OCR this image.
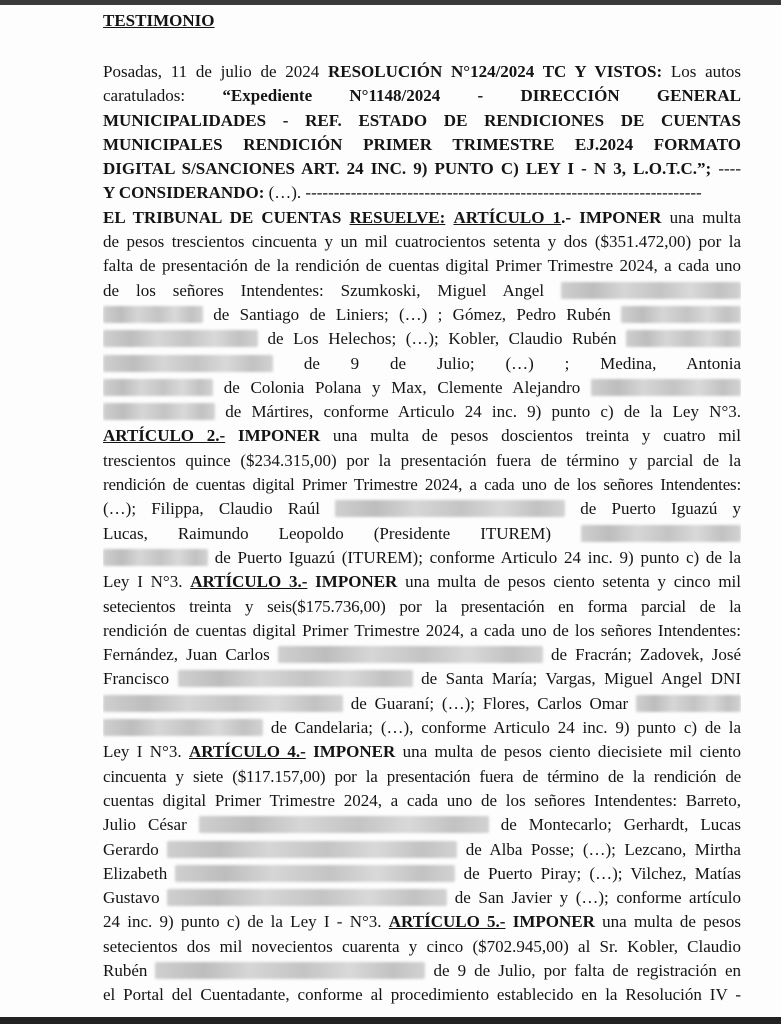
TESTIMONIO
Posadas, 11 de julio de 2024 RESOLUCIÓN N°124/2024 TC Y VISTOS: Los autos
caratulados: “Expediente N°1148/2024 - DIRECCIÓN GENERAL
MUNICIPALIDADES - REF. ESTADO DE RENDICIONES DE CUENTAS
MUNICIPALES RENDICIÓN PRIMER TRIMESTRE EJ.2024 FORMATO
DIGITAL S/SANCIONES ART. 24 INC. 9) PUNTO C) LEY I - N 3, L.O.T.C.”; ----
Y CONSIDERANDO: (…). ----------------------------------------------------------------------
EL TRIBUNAL DE CUENTAS RESUELVE: ARTÍCULO 1.- IMPONER una multa
de pesos trescientos cincuenta y un mil cuatrocientos setenta y dos ($351.472,00) por la
falta de presentación de la rendición de cuentas digital Primer Trimestre 2024, a cada uno
de los señores Intendentes: Szumkoski, Miguel Angel
de Santiago de Liniers; (…) ; Gómez, Pedro Rubén
de Los Helechos; (…); Kobler, Claudio Rubén
de 9 de Julio; (…) ; Medina, Antonia
de Colonia Polana y Max, Clemente Alejandro
de Mártires, conforme Articulo 24 inc. 9) punto c) de la Ley N°3.
ARTÍCULO 2.- IMPONER una multa de pesos doscientos treinta y cuatro mil
trescientos quince ($234.315,00) por la presentación fuera de término y parcial de la
rendición de cuentas digital Primer Trimestre 2024, a cada uno de los señores Intendentes:
(…); Filippa, Claudio Raúl	de Puerto Iguazú y
Lucas, Raimundo Leopoldo (Presidente ITUREM)
de Puerto Iguazú (ITUREM); conforme Articulo 24 inc. 9) punto c) de la
Ley I N°3. ARTÍCULO 3.- IMPONER una multa de pesos ciento setenta y cinco mil
setecientos treinta y seis($175.736,00) por la presentación en forma parcial de la
rendición de cuentas digital Primer Trimestre 2024, a cada uno de los señores Intendentes:
Fernández, Juan Carlos	de Fracrán; Zadovek, José
Francisco	de Santa María; Vargas, Miguel Angel DNI
de Guaraní; (…); Flores, Carlos Omar
de Candelaria; (…), conforme Articulo 24 inc. 9) punto c) de la
Ley I N°3. ARTÍCULO 4.- IMPONER una multa de pesos ciento diecisiete mil ciento
cincuenta y siete ($117.157,00) por la presentación fuera de término de la rendición de
cuentas digital Primer Trimestre 2024, a cada uno de los señores Intendentes: Barreto,
Julio César	de Montecarlo; Gerhardt, Lucas
Gerardo	de Alba Posse; (…); Lezcano, Mirtha
Elizabeth	de Puerto Piray; (…); Vilchez, Matías
Gustavo	de San Javier y (…); conforme artículo
24 inc. 9) punto c) de la Ley I - N°3. ARTÍCULO 5.- IMPONER una multa de pesos
setecientos dos mil novecientos cuarenta y cinco ($702.945,00) al Sr. Kobler, Claudio
Rubén	de 9 de Julio, por falta de registración en
el Portal del Cuentadante, conforme al procedimiento establecido en la Resolución IV -
